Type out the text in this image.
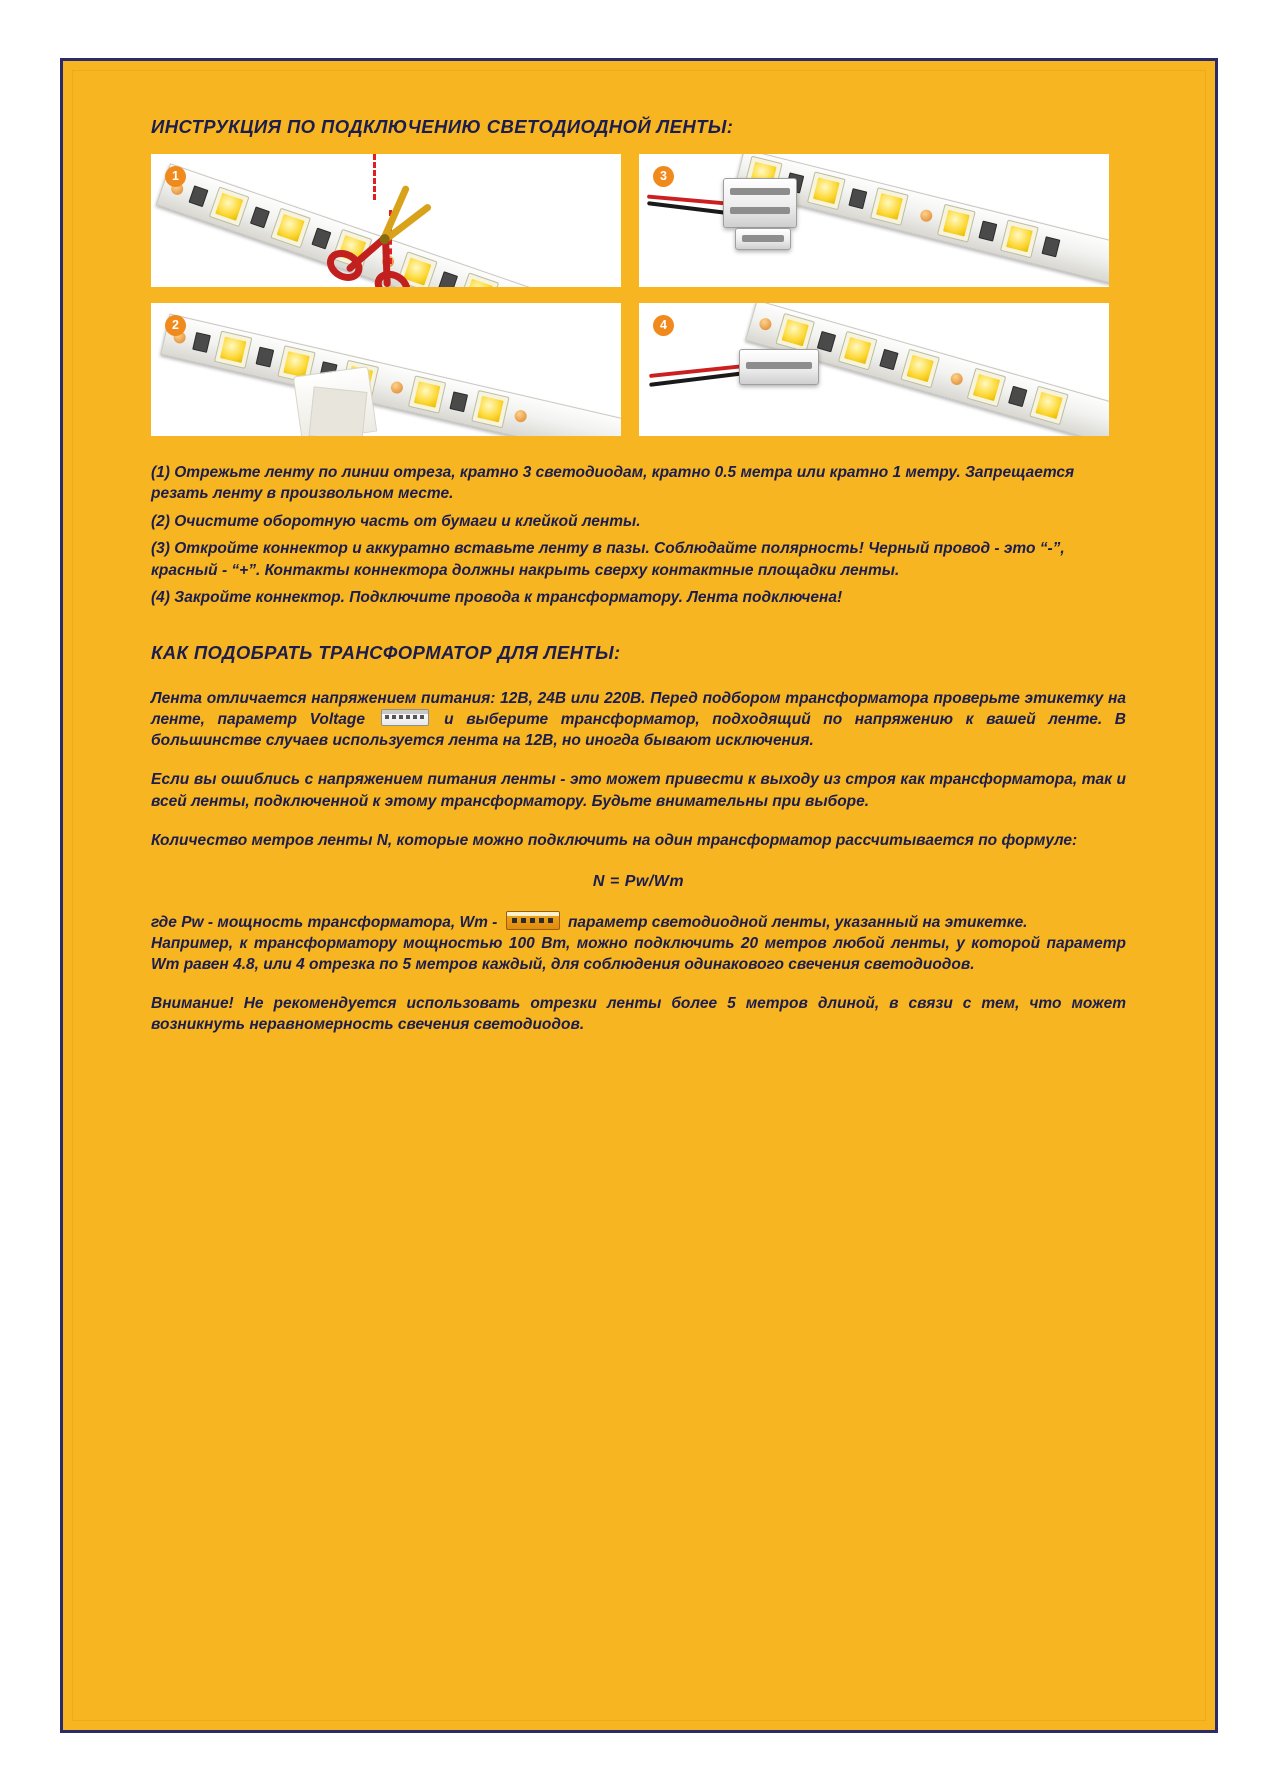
ИНСТРУКЦИЯ ПО ПОДКЛЮЧЕНИЮ СВЕТОДИОДНОЙ ЛЕНТЫ:
1	3
2	4

(1) Отрежьте ленту по линии отреза, кратно 3 светодиодам, кратно 0.5 метра или кратно 1 метру. Запрещается резать ленту в произвольном месте.

(2) Очистите оборотную часть от бумаги и клейкой ленты.

(3) Откройте коннектор и аккуратно вставьте ленту в пазы. Соблюдайте полярность! Черный провод - это “-”, красный - “+”. Контакты коннектора должны накрыть сверху контактные площадки ленты.

(4) Закройте коннектор. Подключите провода к трансформатору. Лента подключена!

КАК ПОДОБРАТЬ ТРАНСФОРМАТОР ДЛЯ ЛЕНТЫ:

Лента отличается напряжением питания: 12В, 24В или 220В. Перед подбором трансформатора проверьте этикетку на ленте, параметр Voltage	и выберите трансформатор, подходящий по напряжению к вашей ленте. В большинстве случаев используется лента на 12В, но иногда бывают исключения.

Если вы ошиблись с напряжением питания ленты - это может привести к выходу из строя как трансформатора, так и всей ленты, подключенной к этому трансформатору. Будьте внимательны при выборе.

Количество метров ленты N, которые можно подключить на один трансформатор рассчитывается по формуле:

N = Pw/Wm

где Pw - мощность трансформатора, Wm -	параметр светодиодной ленты, указанный на этикетке.

Например, к трансформатору мощностью 100 Вт, можно подключить 20 метров любой ленты, у которой параметр Wm равен 4.8, или 4 отрезка по 5 метров каждый, для соблюдения одинакового свечения светодиодов.

Внимание! Не рекомендуется использовать отрезки ленты более 5 метров длиной, в связи с тем, что может возникнуть неравномерность свечения светодиодов.
